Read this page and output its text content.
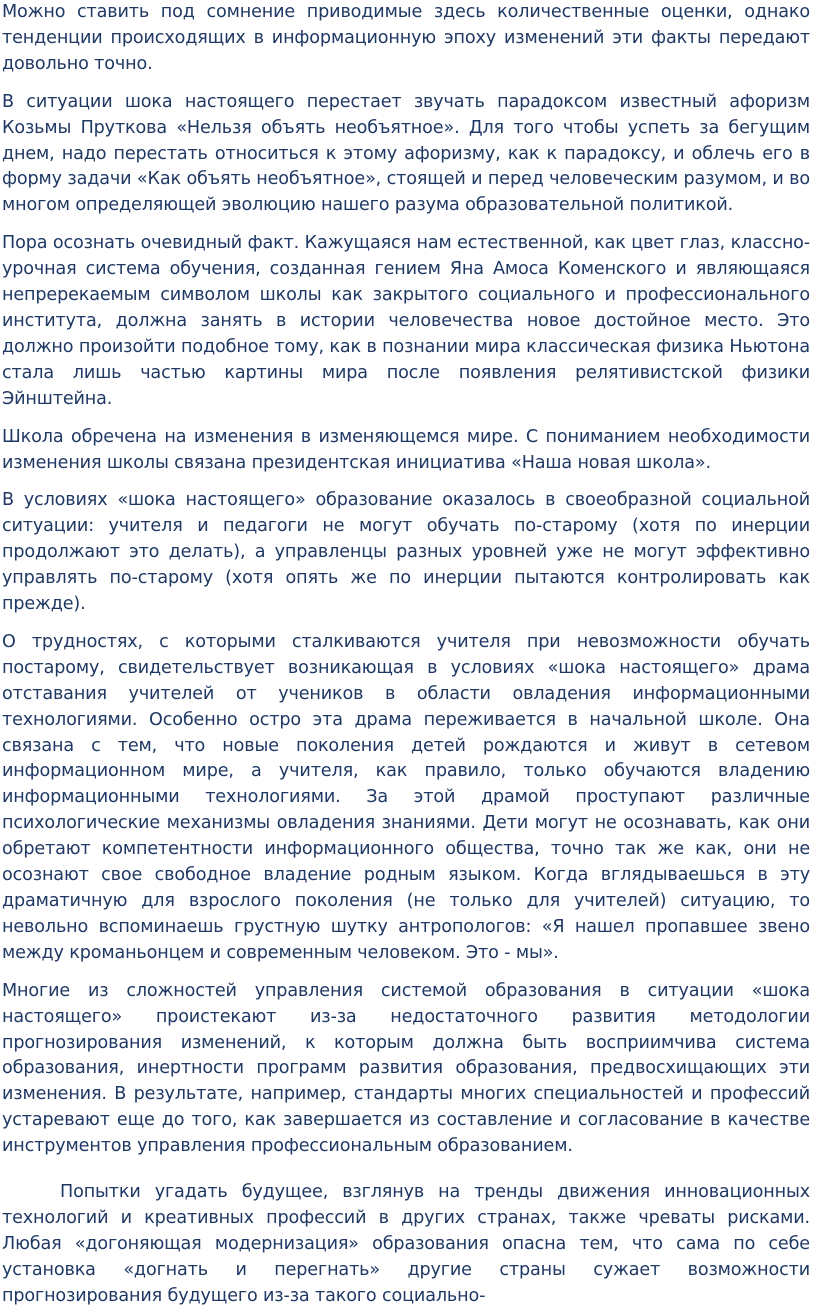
Можно ставить под сомнение приводимые здесь количественные оценки, однако тенденции происходящих в информационную эпоху изменений эти факты передают довольно точно.

В ситуации шока настоящего перестает звучать парадоксом известный афоризм Козьмы Пруткова «Нельзя объять необъятное». Для того чтобы успеть за бегущим днем, надо перестать относиться к этому афоризму, как к парадоксу, и облечь его в форму задачи «Как объять необъятное», стоящей и перед человеческим разумом, и во многом определяющей эволюцию нашего разума образовательной политикой.

Пора осознать очевидный факт. Кажущаяся нам естественной, как цвет глаз, классно-урочная система обучения, созданная гением Яна Амоса Коменского и являющаяся непререкаемым символом школы как закрытого социального и профессионального института, должна занять в истории человечества новое достойное место. Это должно произойти подобное тому, как в познании мира классическая физика Ньютона стала лишь частью картины мира после появления релятивистской физики Эйнштейна.

Школа обречена на изменения в изменяющемся мире. С пониманием необходимости изменения школы связана президентская инициатива «Наша новая школа».

В условиях «шока настоящего» образование оказалось в своеобразной социальной ситуации: учителя и педагоги не могут обучать по-старому (хотя по инерции продолжают это делать), а управленцы разных уровней уже не могут эффективно управлять по-старому (хотя опять же по инерции пытаются контролировать как прежде).

О трудностях, с которыми сталкиваются учителя при невозможности обучать постарому, свидетельствует возникающая в условиях «шока настоящего» драма отставания учителей от учеников в области овладения информационными технологиями. Особенно остро эта драма переживается в начальной школе. Она связана с тем, что новые поколения детей рождаются и живут в сетевом информационном мире, а учителя, как правило, только обучаются владению информационными технологиями. За этой драмой проступают различные психологические механизмы овладения знаниями. Дети могут не осознавать, как они обретают компетентности информационного общества, точно так же как, они не осознают свое свободное владение родным языком. Когда вглядываешься в эту драматичную для взрослого поколения (не только для учителей) ситуацию, то невольно вспоминаешь грустную шутку антропологов: «Я нашел пропавшее звено между кроманьонцем и современным человеком. Это - мы».

Многие из сложностей управления системой образования в ситуации «шока настоящего» проистекают из-за недостаточного развития методологии прогнозирования изменений, к которым должна быть восприимчива система образования, инертности программ развития образования, предвосхищающих эти изменения. В результате, например, стандарты многих специальностей и профессий устаревают еще до того, как завершается из составление и согласование в качестве инструментов управления профессиональным образованием.

Попытки угадать будущее, взглянув на тренды движения инновационных технологий и креативных профессий в других странах, также чреваты рисками. Любая «догоняющая модернизация» образования опасна тем, что сама по себе установка «догнать и перегнать» другие страны сужает возможности прогнозирования будущего из-за такого социально-
